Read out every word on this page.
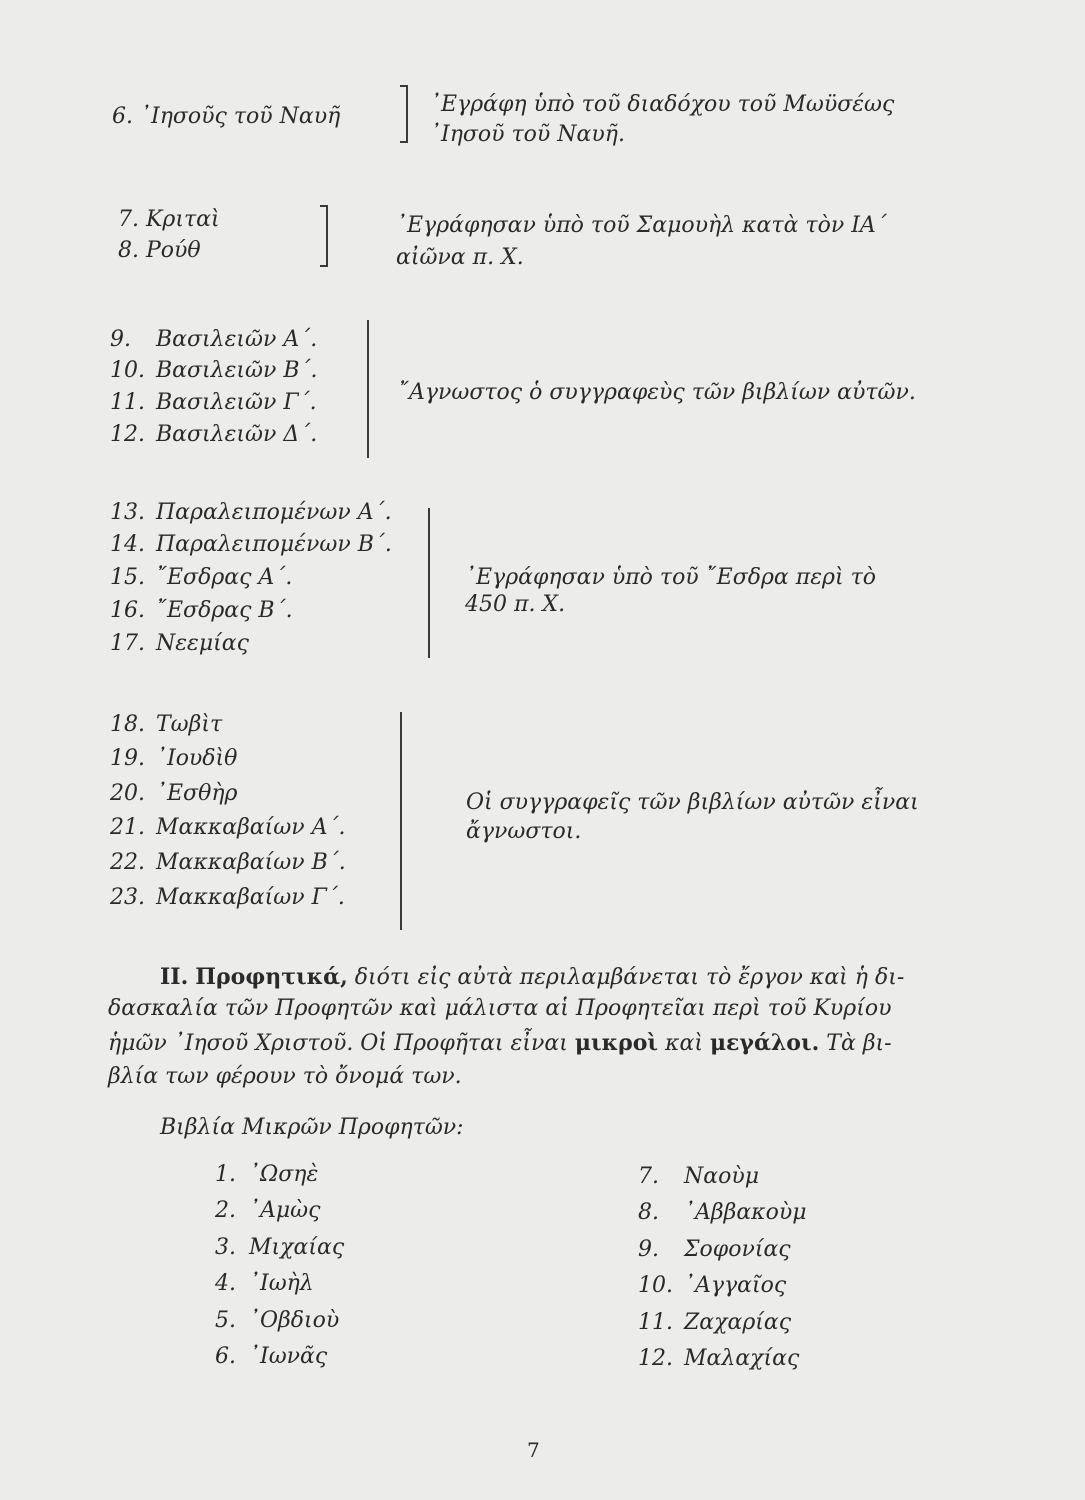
6. ᾿Ιησοῦς τοῦ Ναυῆ	᾿Εγράφη ὑπὸ τοῦ διαδόχου τοῦ Μωϋσέως
᾿Ιησοῦ τοῦ Ναυῆ.
7. Κριταὶ
8. Ρούθ
᾿Εγράφησαν ὑπὸ τοῦ Σαμουὴλ κατὰ τὸν ΙΑ΄
αἰῶνα π. Χ.
9. Βασιλειῶν Α΄.
10. Βασιλειῶν Β΄.
11. Βασιλειῶν Γ΄.
12. Βασιλειῶν Δ΄.
῎Αγνωστος ὁ συγγραφεὺς τῶν βιβλίων αὐτῶν.
13. Παραλειπομένων Α΄.
14. Παραλειπομένων Β΄.
15. ῎Εσδρας Α΄.
16. ῎Εσδρας Β΄.
17. Νεεμίας
᾿Εγράφησαν ὑπὸ τοῦ ῎Εσδρα περὶ τὸ
450 π. Χ.
18. Τωβὶτ
19. ᾿Ιουδὶθ
20. ᾿Εσθὴρ
21. Μακκαβαίων Α΄.
22. Μακκαβαίων Β΄.
23. Μακκαβαίων Γ΄.
Οἱ συγγραφεῖς τῶν βιβλίων αὐτῶν εἶναι
ἄγνωστοι.
ΙΙ. Προφητικά, διότι εἰς αὐτὰ περιλαμβάνεται τὸ ἔργον καὶ ἡ δι-
δασκαλία τῶν Προφητῶν καὶ μάλιστα αἱ Προφητεῖαι περὶ τοῦ Κυρίου
ἡμῶν ᾿Ιησοῦ Χριστοῦ. Οἱ Προφῆται εἶναι μικροὶ καὶ μεγάλοι. Τὰ βι-
βλία των φέρουν τὸ ὄνομά των.
Βιβλία Μικρῶν Προφητῶν:
1. ᾿Ωσηὲ
2. ᾿Αμὼς
3. Μιχαίας
4. ᾿Ιωὴλ
5. ᾿Οβδιοὺ
6. ᾿Ιωνᾶς
7. Ναοὺμ
8. ᾿Αββακοὺμ
9. Σοφονίας
10. ᾿Αγγαῖος
11. Ζαχαρίας
12. Μαλαχίας
7
